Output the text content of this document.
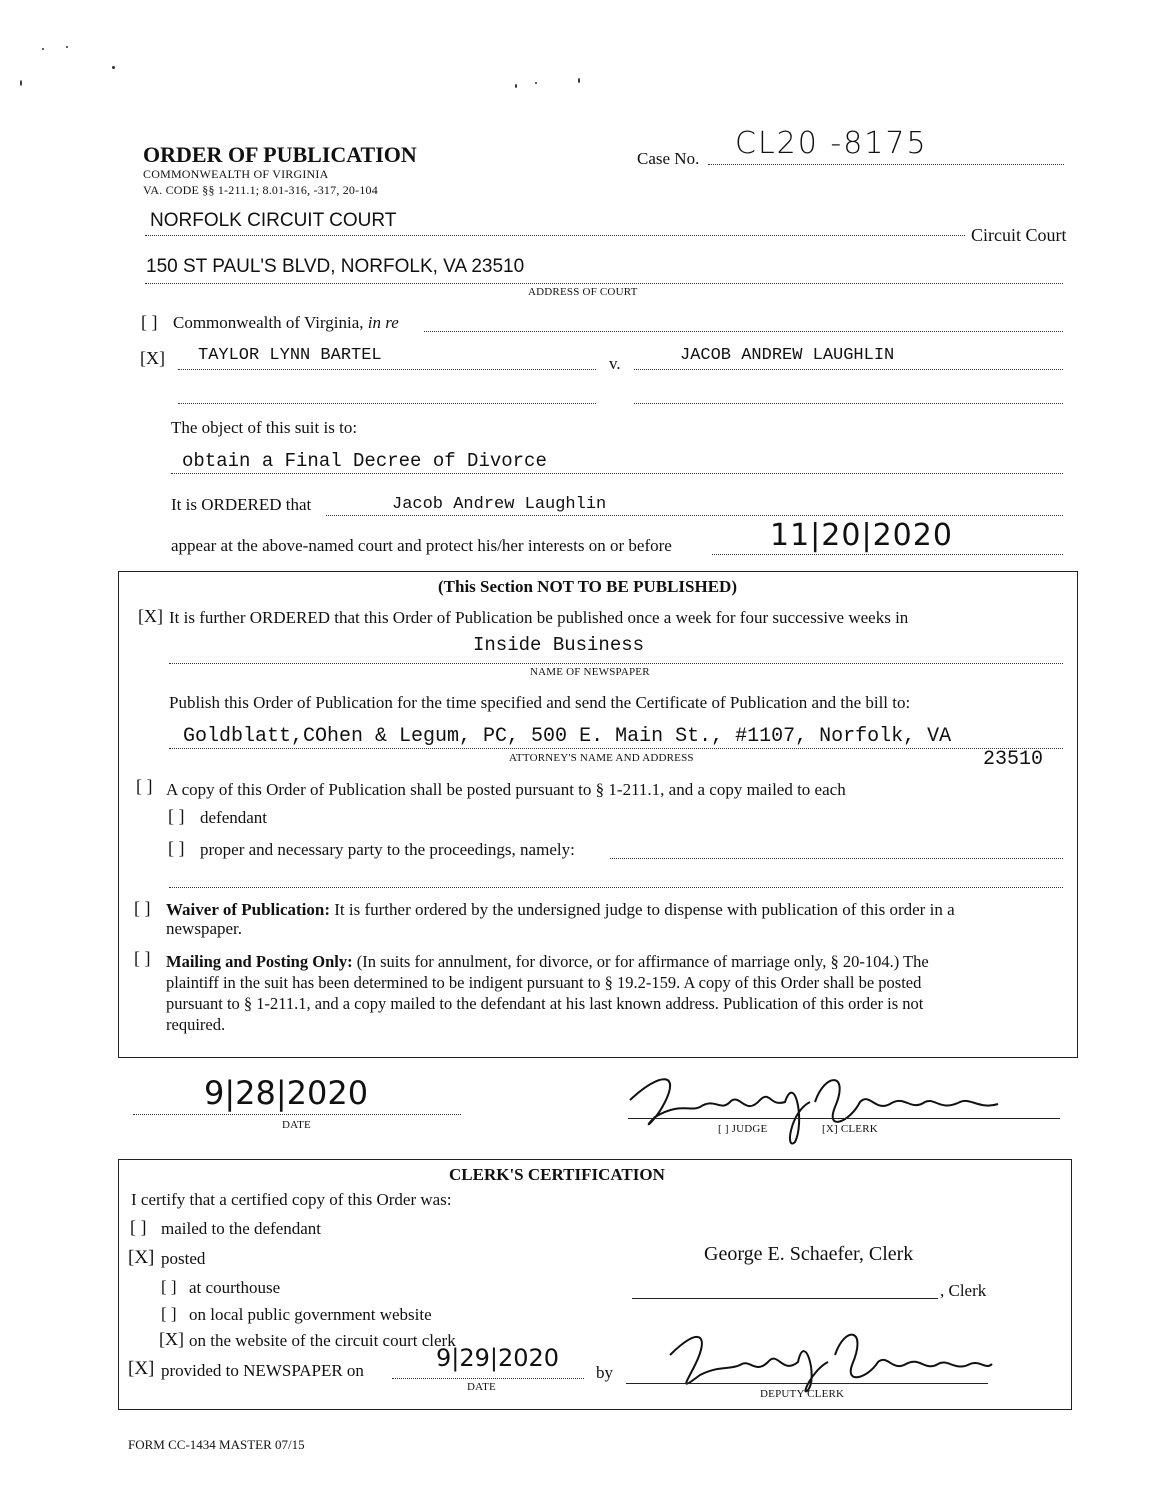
ORDER OF PUBLICATION
COMMONWEALTH OF VIRGINIA
VA. CODE §§ 1-211.1; 8.01-316, -317, 20-104
Case No. CL20 -8175
NORFOLK CIRCUIT COURT
Circuit Court
150 ST PAUL'S BLVD, NORFOLK, VA 23510
ADDRESS OF COURT
[ ] Commonwealth of Virginia, in re
[X] TAYLOR LYNN BARTEL	v.	JACOB ANDREW LAUGHLIN
The object of this suit is to:
obtain a Final Decree of Divorce
It is ORDERED that	Jacob Andrew Laughlin
appear at the above-named court and protect his/her interests on or before	11|20|2020
(This Section NOT TO BE PUBLISHED)
[X] It is further ORDERED that this Order of Publication be published once a week for four successive weeks in
Inside Business
NAME OF NEWSPAPER
Publish this Order of Publication for the time specified and send the Certificate of Publication and the bill to:
Goldblatt,COhen & Legum, PC, 500 E. Main St., #1107, Norfolk, VA
ATTORNEY'S NAME AND ADDRESS	23510
[ ] A copy of this Order of Publication shall be posted pursuant to § 1-211.1, and a copy mailed to each
[ ] defendant
[ ] proper and necessary party to the proceedings, namely:
[ ] Waiver of Publication: It is further ordered by the undersigned judge to dispense with publication of this order in a
newspaper.
[ ] Mailing and Posting Only: (In suits for annulment, for divorce, or for affirmance of marriage only, § 20-104.) The
plaintiff in the suit has been determined to be indigent pursuant to § 19.2-159. A copy of this Order shall be posted
pursuant to § 1-211.1, and a copy mailed to the defendant at his last known address. Publication of this order is not
required.
9|28|2020
DATE	[ ] JUDGE	[X] CLERK
CLERK'S CERTIFICATION
I certify that a certified copy of this Order was:
[ ] mailed to the defendant
[X] posted	George E. Schaefer, Clerk
[ ] at courthouse	, Clerk
[ ] on local public government website
[X] on the website of the circuit court clerk
[X] provided to NEWSPAPER on	9|29|2020
DATE
by
DEPUTY CLERK
FORM CC-1434 MASTER 07/15
